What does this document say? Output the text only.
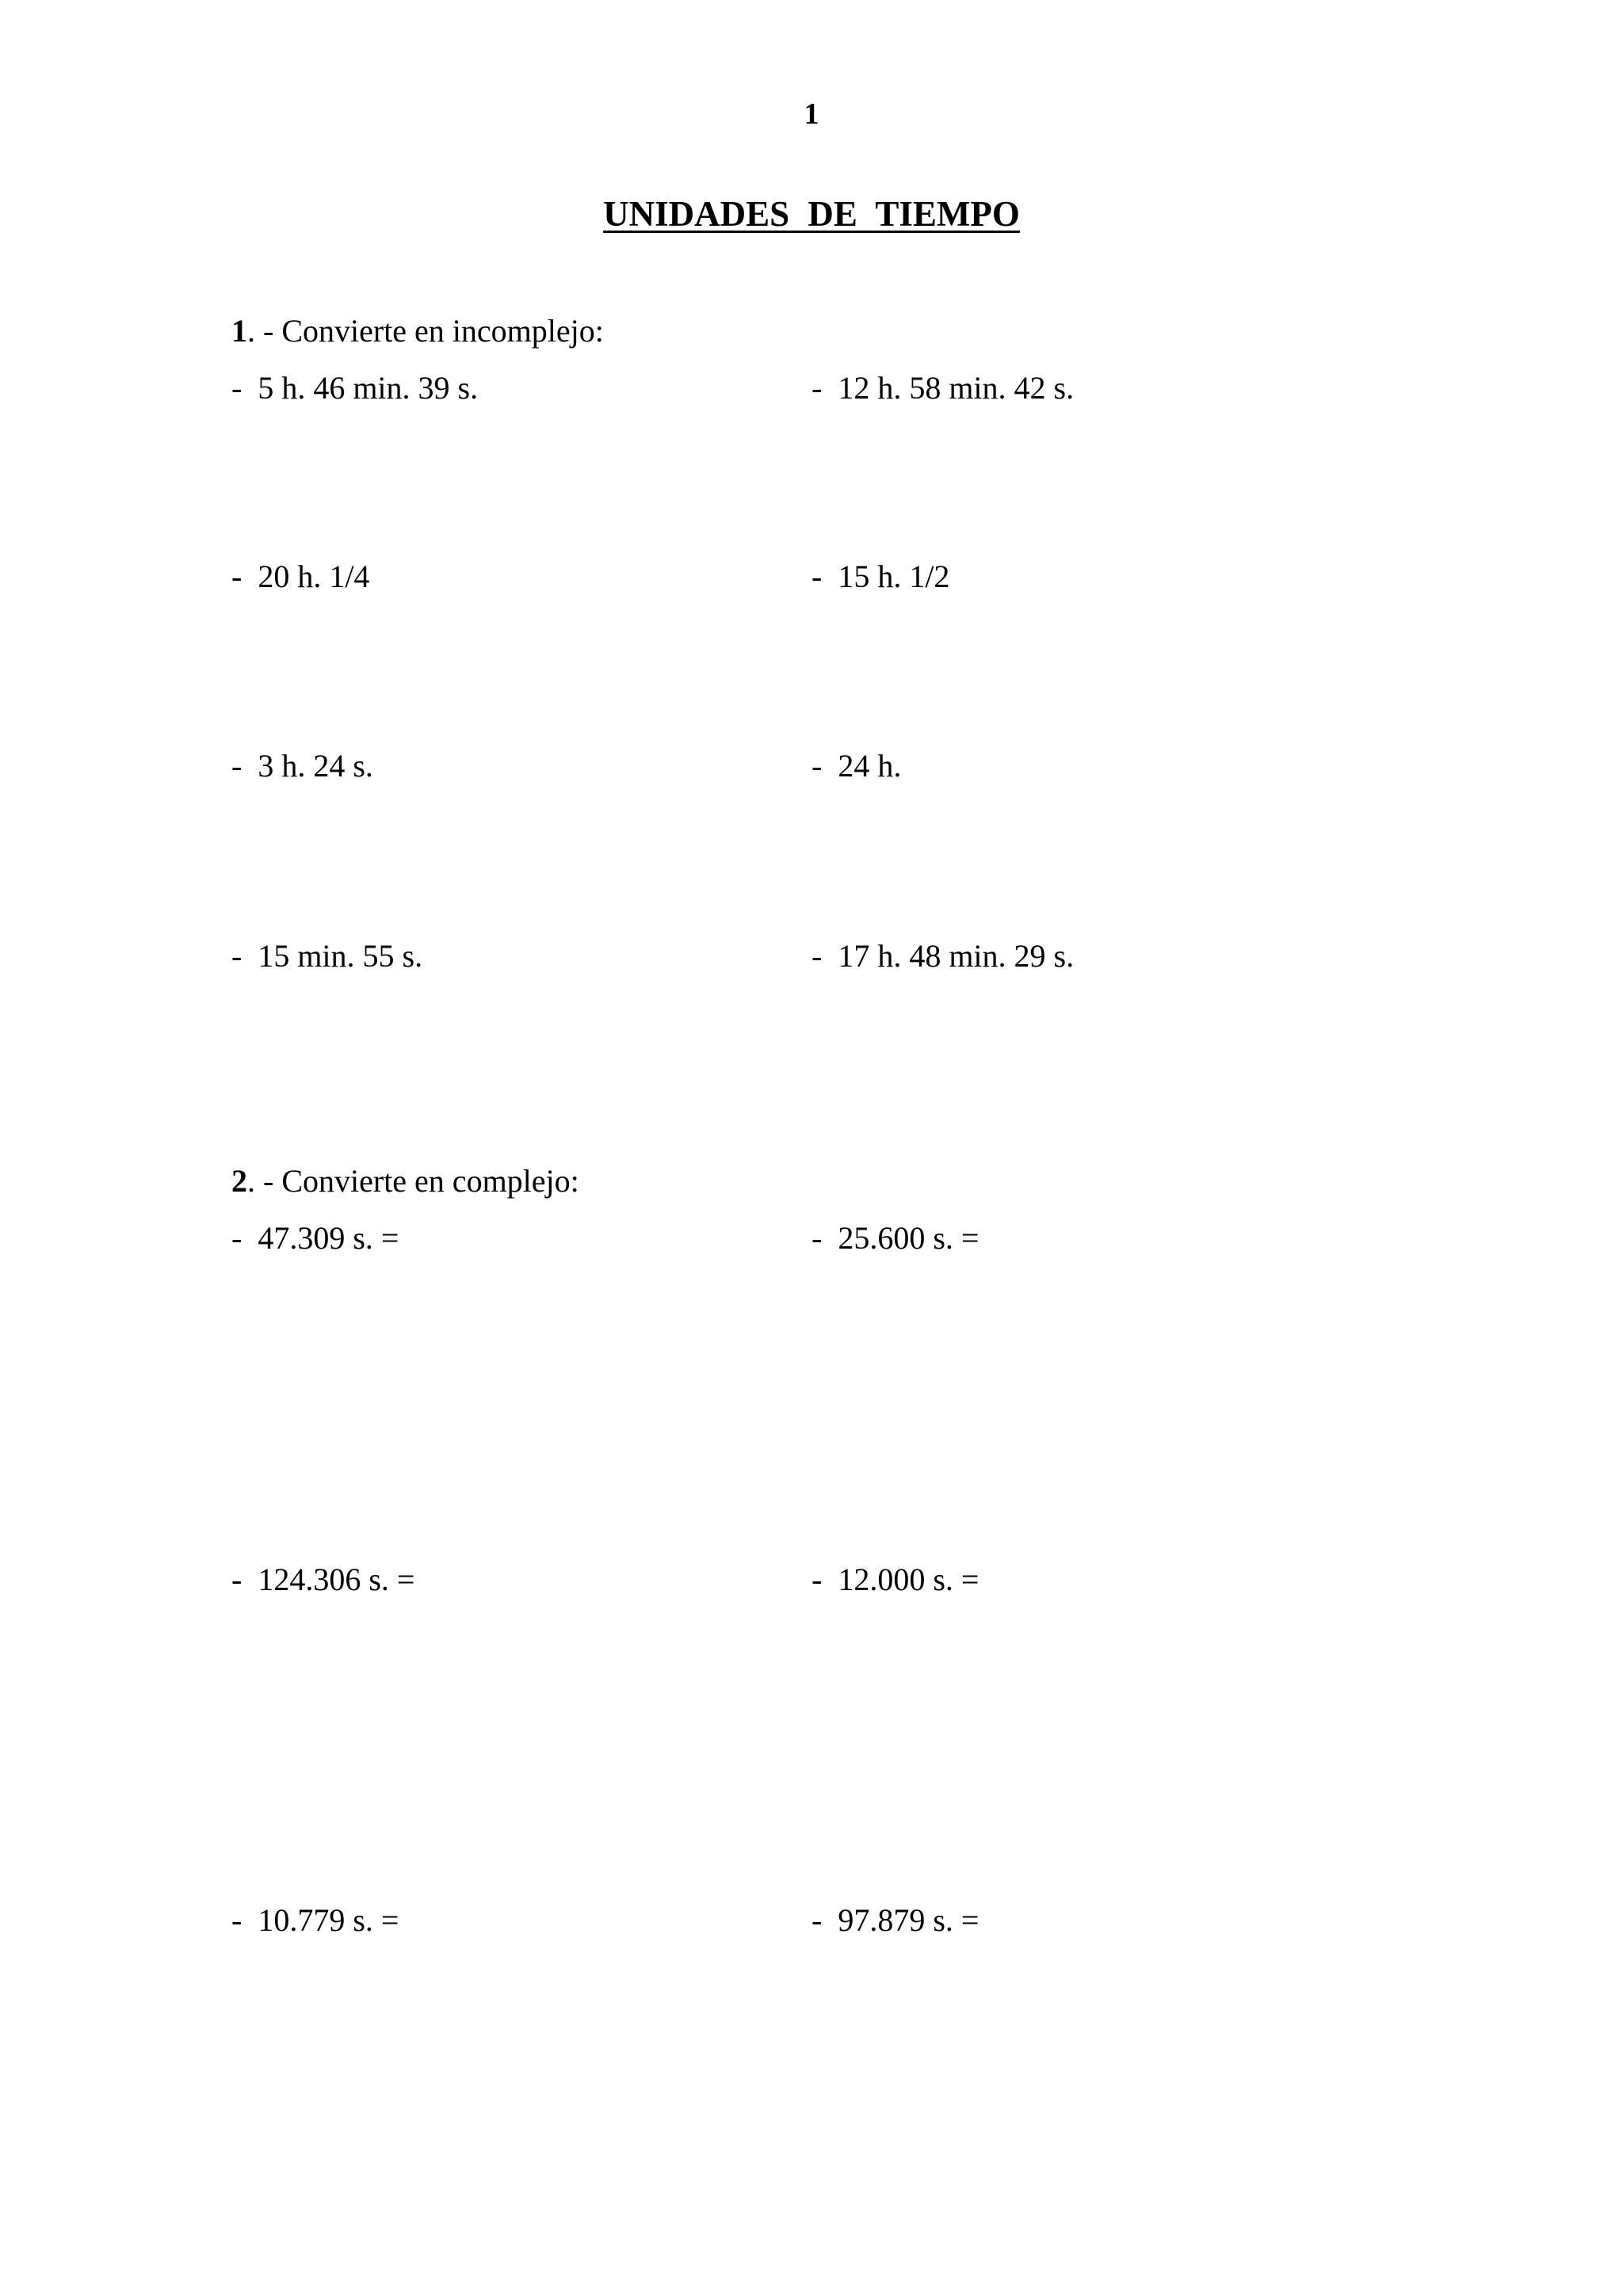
1
UNIDADES DE TIEMPO
1. - Convierte en incomplejo:
-  5 h. 46 min. 39 s.	-  12 h. 58 min. 42 s.
-  20 h. 1/4	-  15 h. 1/2
-  3 h. 24 s.	-  24 h.
-  15 min. 55 s.	-  17 h. 48 min. 29 s.
2. - Convierte en complejo:
-  47.309 s. =	-  25.600 s. =
-  124.306 s. =	-  12.000 s. =
-  10.779 s. =	-  97.879 s. =
